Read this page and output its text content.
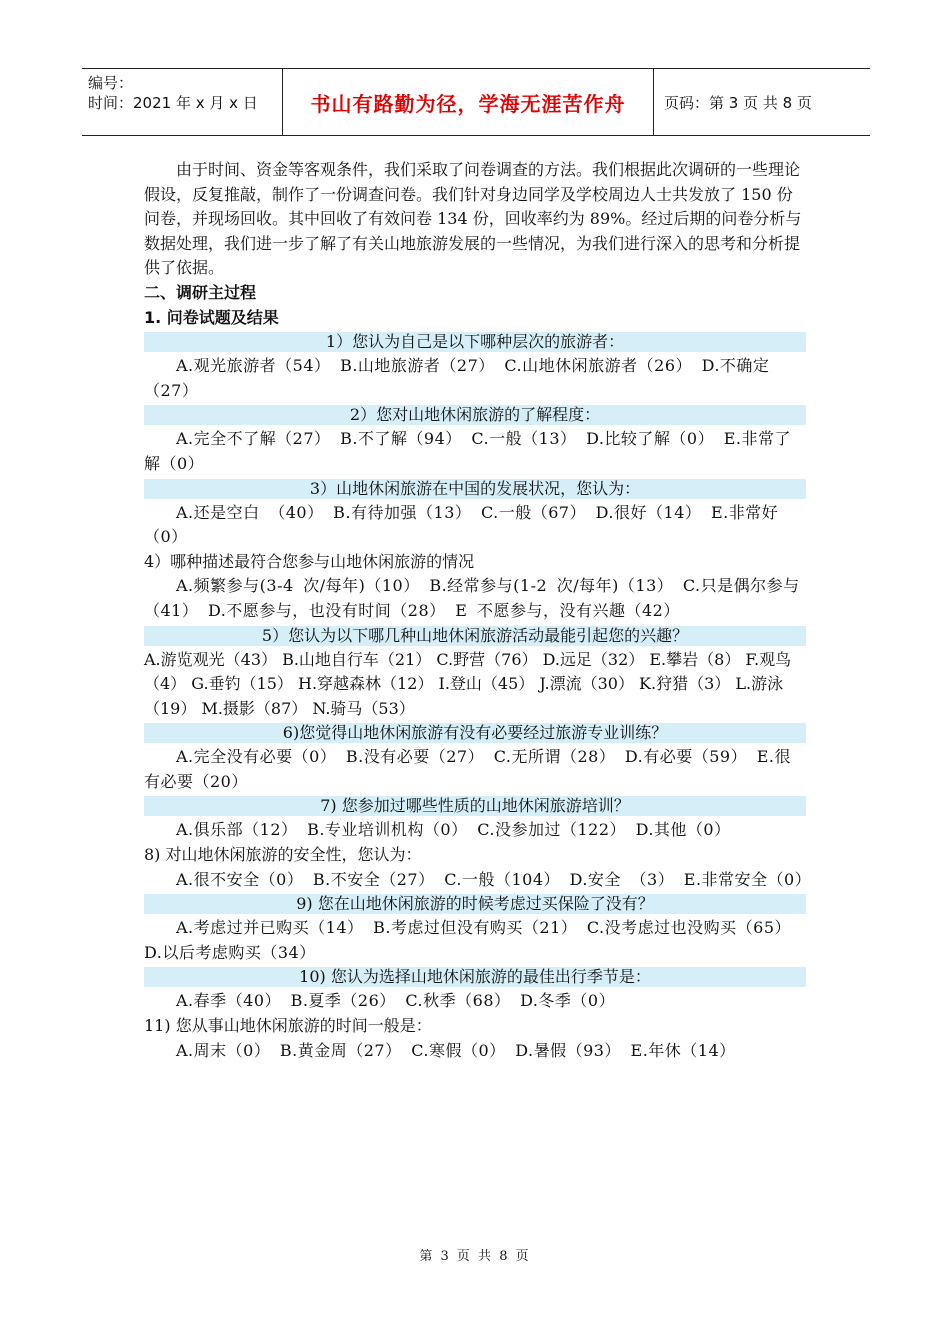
编号：
时间：2021 年 x 月 x 日	书山有路勤为径，学海无涯苦作舟	页码：第 3 页 共 8 页

由于时间、资金等客观条件，我们采取了问卷调查的方法。我们根据此次调研的一些理论假设，反复推敲，制作了一份调查问卷。我们针对身边同学及学校周边人士共发放了 150 份问卷，并现场回收。其中回收了有效问卷 134 份，回收率约为 89%。经过后期的问卷分析与数据处理，我们进一步了解了有关山地旅游发展的一些情况，为我们进行深入的思考和分析提供了依据。

二、调研主过程

1. 问卷试题及结果

1）您认为自己是以下哪种层次的旅游者：

A.观光旅游者（54） B.山地旅游者（27） C.山地休闲旅游者（26） D.不确定（27）

2）您对山地休闲旅游的了解程度：

A.完全不了解（27） B.不了解（94） C.一般（13） D.比较了解（0） E.非常了解（0）

3）山地休闲旅游在中国的发展状况，您认为：

A.还是空白 （40） B.有待加强（13） C.一般（67） D.很好（14） E.非常好（0）

4）哪种描述最符合您参与山地休闲旅游的情况

A.频繁参与(3-4 次/每年)（10） B.经常参与(1-2 次/每年)（13） C.只是偶尔参与（41） D.不愿参与，也没有时间（28） E 不愿参与，没有兴趣（42）

5）您认为以下哪几种山地休闲旅游活动最能引起您的兴趣？

A.游览观光（43） B.山地自行车（21） C.野营（76） D.远足（32） E.攀岩（8） F.观鸟（4） G.垂钓（15） H.穿越森林（12） I.登山（45） J.漂流（30） K.狩猎（3） L.游泳（19） M.摄影（87） N.骑马（53）

6)您觉得山地休闲旅游有没有必要经过旅游专业训练？

A.完全没有必要（0） B.没有必要（27） C.无所谓（28） D.有必要（59） E.很有必要（20）

7) 您参加过哪些性质的山地休闲旅游培训？

A.俱乐部（12） B.专业培训机构（0） C.没参加过（122） D.其他（0）

8) 对山地休闲旅游的安全性，您认为：

A.很不安全（0） B.不安全（27） C.一般（104） D.安全 （3） E.非常安全（0）

9) 您在山地休闲旅游的时候考虑过买保险了没有？

A.考虑过并已购买（14） B.考虑过但没有购买（21） C.没考虑过也没购买（65） D.以后考虑购买（34）

10) 您认为选择山地休闲旅游的最佳出行季节是：

A.春季（40） B.夏季（26） C.秋季（68） D.冬季（0）

11) 您从事山地休闲旅游的时间一般是：

A.周末（0） B.黄金周（27） C.寒假（0） D.暑假（93） E.年休（14）

第 3 页 共 8 页
